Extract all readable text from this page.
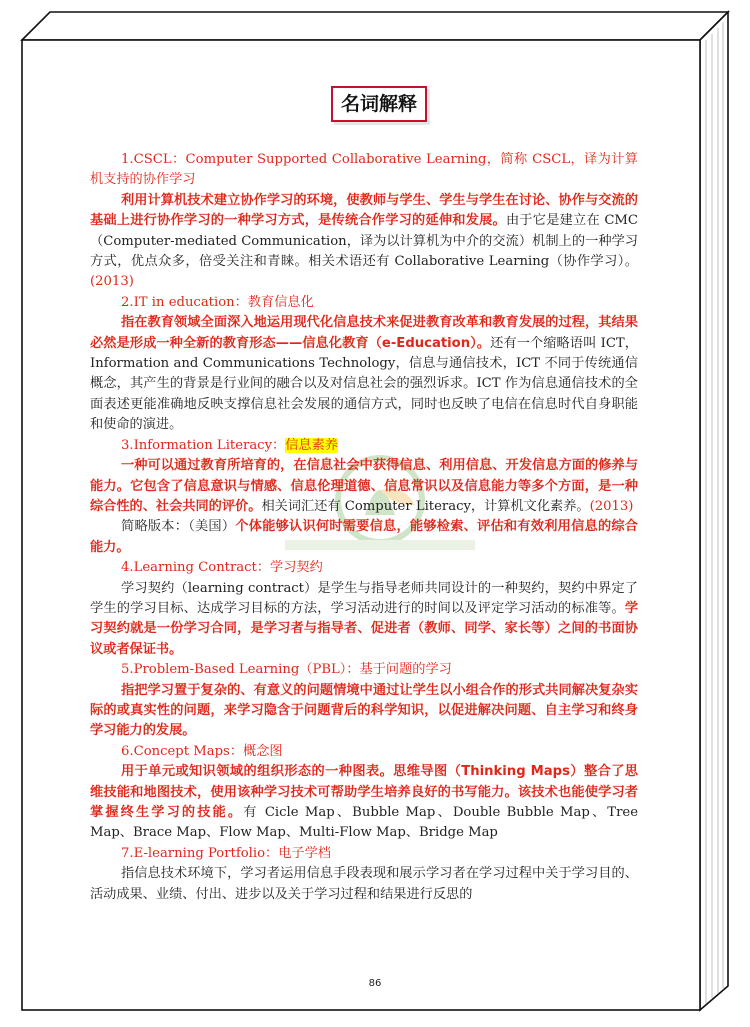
名词解释

1.CSCL：Computer Supported Collaborative Learning，简称 CSCL，译为计算机支持的协作学习

利用计算机技术建立协作学习的环境，使教师与学生、学生与学生在讨论、协作与交流的基础上进行协作学习的一种学习方式，是传统合作学习的延伸和发展。由于它是建立在 CMC（Computer-mediated Communication，译为以计算机为中介的交流）机制上的一种学习方式，优点众多，倍受关注和青睐。相关术语还有 Collaborative Learning（协作学习）。(2013)

2.IT in education：教育信息化

指在教育领域全面深入地运用现代化信息技术来促进教育改革和教育发展的过程，其结果必然是形成一种全新的教育形态——信息化教育（e-Education）。还有一个缩略语叫 ICT，Information and Communications Technology，信息与通信技术，ICT 不同于传统通信概念，其产生的背景是行业间的融合以及对信息社会的强烈诉求。ICT 作为信息通信技术的全面表述更能准确地反映支撑信息社会发展的通信方式，同时也反映了电信在信息时代自身职能和使命的演进。

3.Information Literacy：信息素养

一种可以通过教育所培育的，在信息社会中获得信息、利用信息、开发信息方面的修养与能力。它包含了信息意识与情感、信息伦理道德、信息常识以及信息能力等多个方面，是一种综合性的、社会共同的评价。相关词汇还有 Computer Literacy，计算机文化素养。(2013)

简略版本：（美国）个体能够认识何时需要信息，能够检索、评估和有效利用信息的综合能力。

4.Learning Contract：学习契约

学习契约（learning contract）是学生与指导老师共同设计的一种契约，契约中界定了学生的学习目标、达成学习目标的方法，学习活动进行的时间以及评定学习活动的标准等。学习契约就是一份学习合同，是学习者与指导者、促进者（教师、同学、家长等）之间的书面协议或者保证书。

5.Problem-Based Learning（PBL）：基于问题的学习

指把学习置于复杂的、有意义的问题情境中通过让学生以小组合作的形式共同解决复杂实际的或真实性的问题，来学习隐含于问题背后的科学知识，以促进解决问题、自主学习和终身学习能力的发展。

6.Concept Maps：概念图

用于单元或知识领域的组织形态的一种图表。思维导图（Thinking Maps）整合了思维技能和地图技术，使用该种学习技术可帮助学生培养良好的书写能力。该技术也能使学习者掌握终生学习的技能。有 Cicle Map、Bubble Map、Double Bubble Map、Tree Map、Brace Map、Flow Map、Multi-Flow Map、Bridge Map

7.E-learning Portfolio：电子学档

指信息技术环境下，学习者运用信息手段表现和展示学习者在学习过程中关于学习目的、活动成果、业绩、付出、进步以及关于学习过程和结果进行反思的

86
